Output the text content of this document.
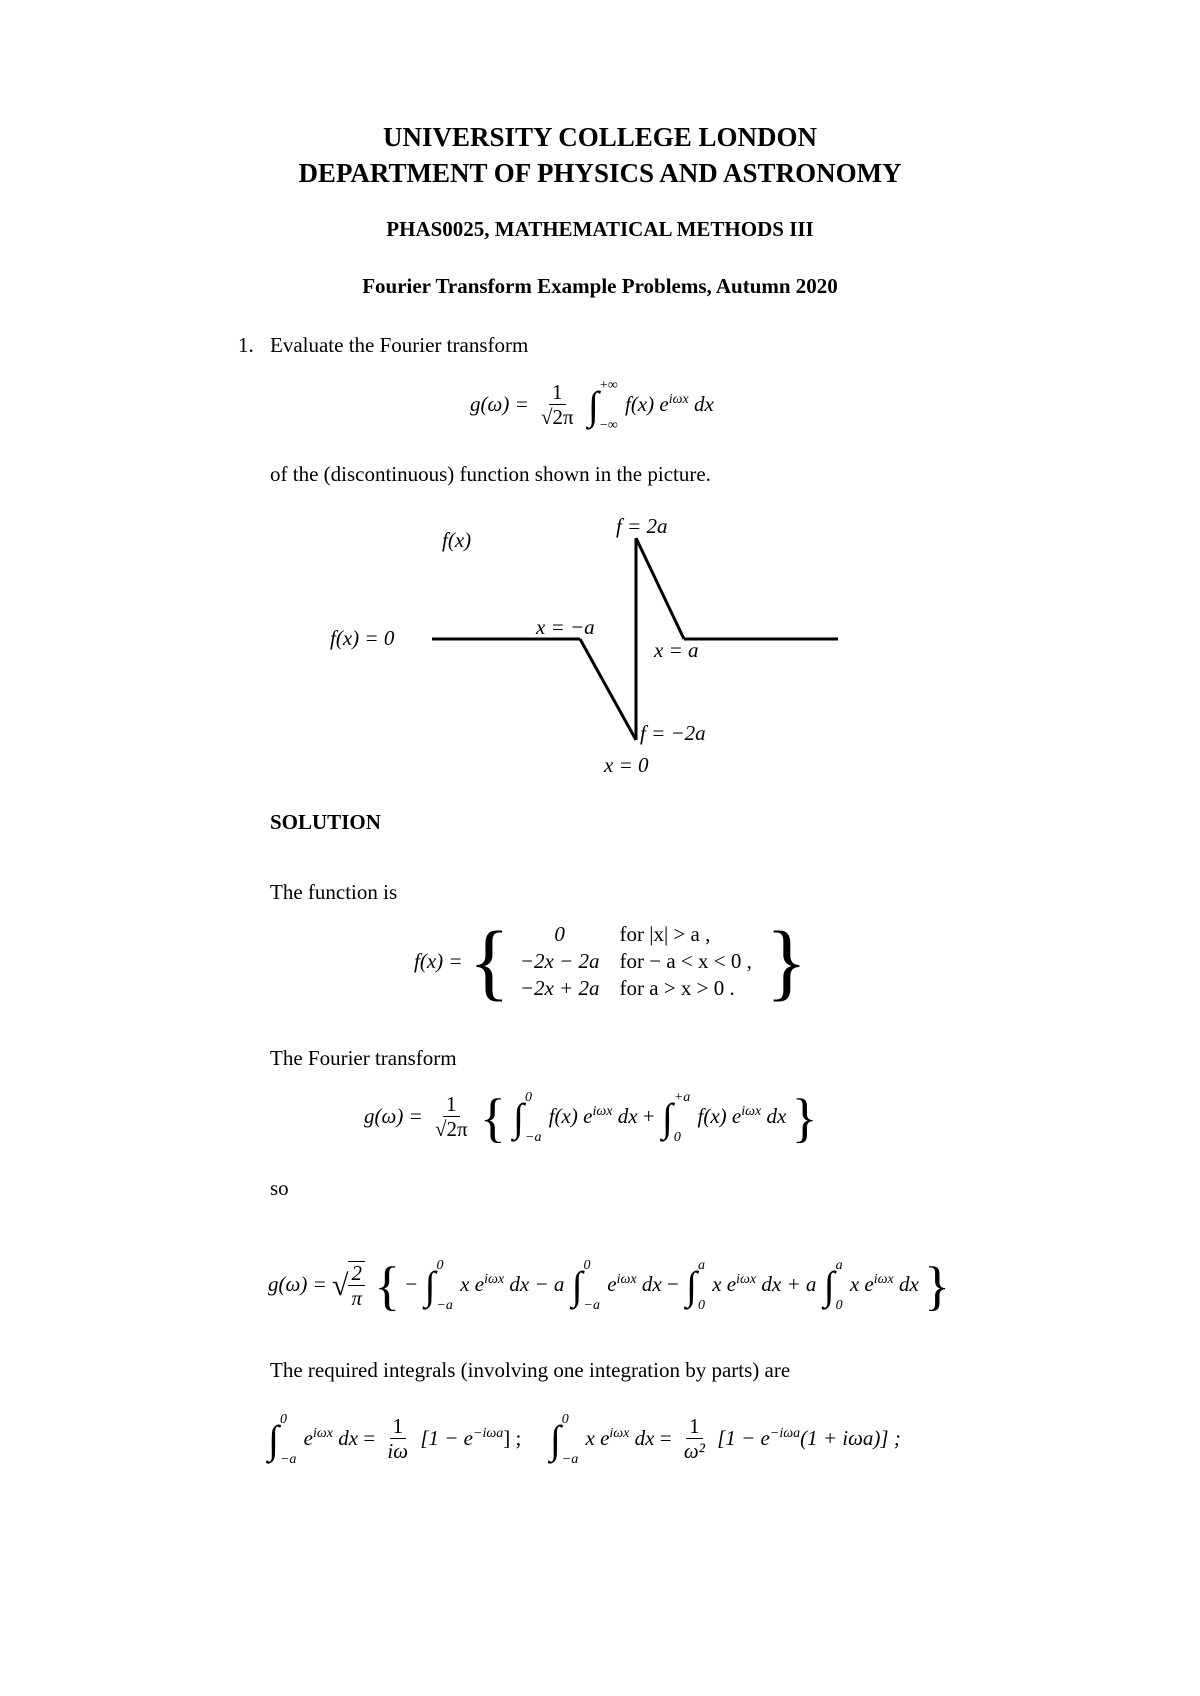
UNIVERSITY COLLEGE LONDON
DEPARTMENT OF PHYSICS AND ASTRONOMY
PHAS0025, MATHEMATICAL METHODS III
Fourier Transform Example Problems, Autumn 2020
1. Evaluate the Fourier transform
$g(\omega) = \frac{1}{√2\pi}$
∫ +∞
−∞
f(x) $e^{i\omega x}$ dx
of the (discontinuous) function shown in the picture.
f(x)
f = 2a
f(x) = 0	x = −a
x = a
f = −2a
x = 0
SOLUTION
The function is
f(x) = { 0	for |x| > a ,
−2x − 2a	for − a < x < 0 ,
−2x + 2a	for a > x > 0 . }
The Fourier transform
$g(\omega) = \frac{1}{√2\pi}$ { ∫ 0
−a
f(x) $e^{i\omega x}$ dx + ∫ +a
0
f(x) $e^{i\omega x}$ dx }
so
g(ω) = √ $\frac{2}{\pi}$ { − ∫ 0
−a
x $e^{i\omega x}$ dx − a ∫ 0
−a
$e^{i\omega x}$ dx − ∫ a
0
x $e^{i\omega x}$ dx + a ∫ a
0
x $e^{i\omega x}$ dx }
The required integrals (involving one integration by parts) are
∫ 0
−a
$e^{i\omega x}$ dx = $\frac{1}{i\omega} [1 - e^{-i\omega a}]$ ; ∫ 0
−a
x $e^{i\omega x}$ dx = $\frac{1}{\text{ω²}} [1 - e^{-i\omega a}(1 + i\omega a)]$ ;
